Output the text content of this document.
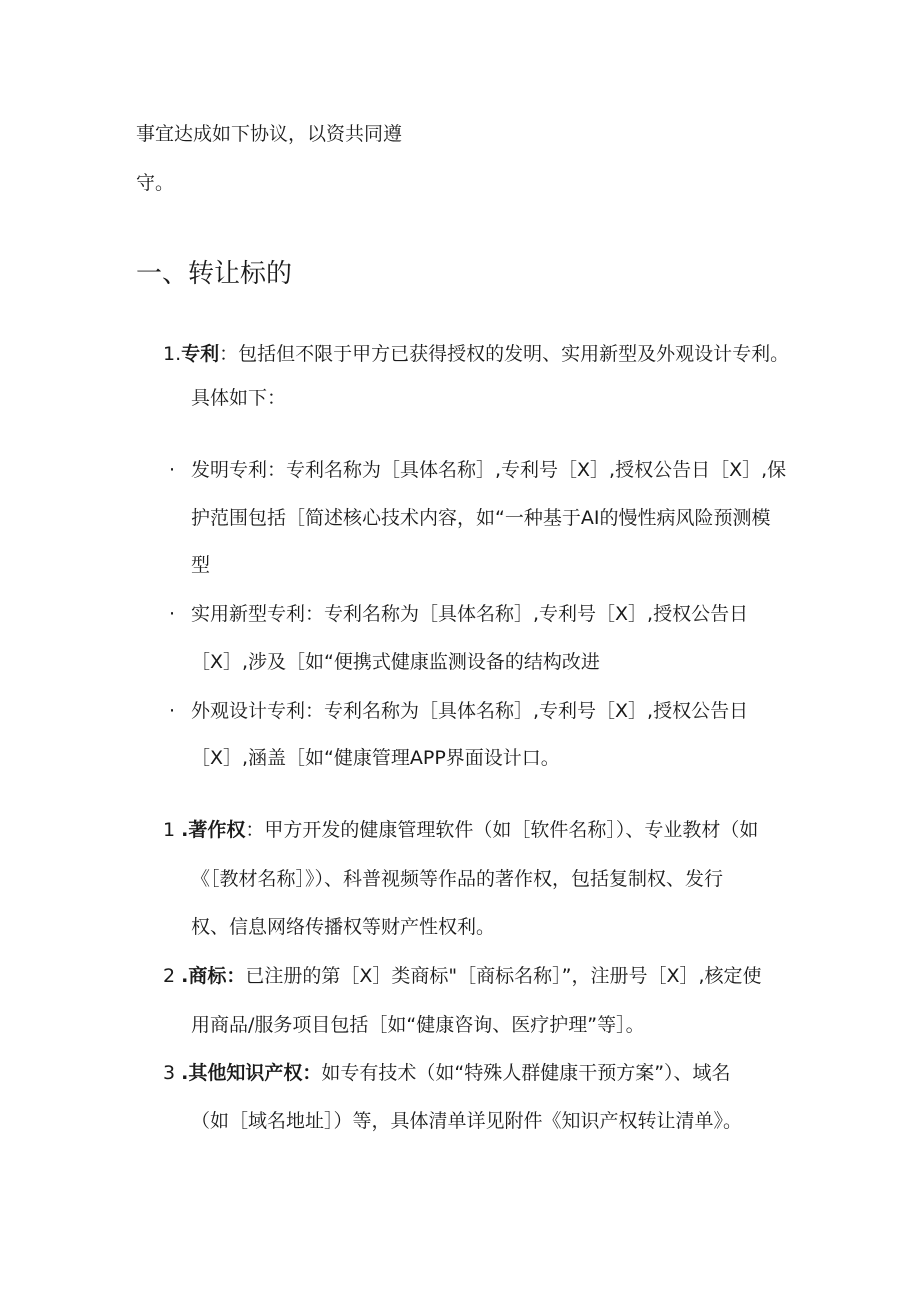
事宜达成如下协议，以资共同遵
守。
一、转让标的
1.专利：包括但不限于甲方已获得授权的发明、实用新型及外观设计专利。
具体如下：
· 发明专利：专利名称为［具体名称］,专利号［X］,授权公告日［X］,保
护范围包括［简述核心技术内容，如“一种基于AI的慢性病风险预测模
型
· 实用新型专利：专利名称为［具体名称］,专利号［X］,授权公告日
［X］,涉及［如“便携式健康监测设备的结构改进
· 外观设计专利：专利名称为［具体名称］,专利号［X］,授权公告日
［X］,涵盖［如“健康管理APP界面设计口。
1 .著作权：甲方开发的健康管理软件（如［软件名称］）、专业教材（如
《［教材名称］》）、科普视频等作品的著作权，包括复制权、发行
权、信息网络传播权等财产性权利。
2 .商标：已注册的第［X］类商标"［商标名称］”，注册号［X］,核定使
用商品/服务项目包括［如“健康咨询、医疗护理”等］。
3 .其他知识产权：如专有技术（如“特殊人群健康干预方案”）、域名
（如［域名地址］）等，具体清单详见附件《知识产权转让清单》。
